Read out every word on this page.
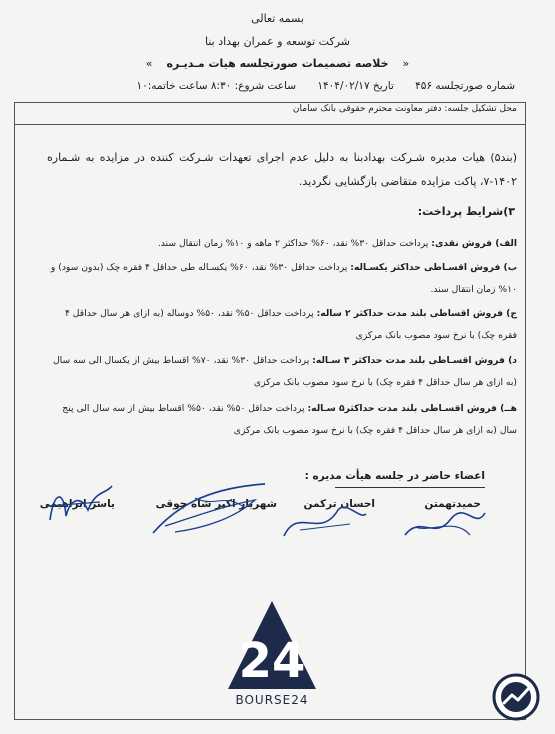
بسمه تعالی
شرکت توسعه و عمران بهداد بنا
«خلاصه تصمیمات صورتجلسه هیات مـدیـره»
شماره صورتجلسه ۴۵۶ تاریخ ۱۴۰۴/۰۲/۱۷ ساعت شروع: ۸:۳۰ ساعت خاتمه:۱۰
محل تشکیل جلسه: دفتر معاونت محترم حقوقی بانک سامان
(بند۵) هیات مدیره شـرکت بهدادبنا به دلیل عدم اجرای تعهدات شـرکت کننده در مزایده به شـماره ۱۴۰۲-۷، پاکت مزایده متقاضی بازگشایی نگردید.
۳)شرایط پرداخت:
الف) فروش نقدی: پرداخت حداقل ۳۰% نقد، ۶۰% حداکثر ۲ ماهه و ۱۰% زمان انتقال سند.
ب) فروش اقسـاطی حداکثر یکسـاله: پرداخت حداقل ۳۰% نقد، ۶۰% یکسـاله طی حداقل ۴ فقره چک (بدون سود) و ۱۰% زمان انتقال سند.
ج) فروش اقساطی بلند مدت حداکثر ۲ ساله: پرداخت حداقل ۵۰% نقد، ۵۰% دوساله (به ازای هر سال حداقل ۴ فقره چک) با نرخ سود مصوب بانک مرکزی
د) فروش اقسـاطی بلند مدت حداکثر ۳ سـاله: پرداخت حداقل ۳۰% نقد، ۷۰% اقساط بیش از یکسال الی سه سال (به ازای هر سال حداقل ۴ فقره چک) با نرخ سود مصوب بانک مرکزی
هــ) فروش اقسـاطی بلند مدت حداکثر۵ سـاله: پرداخت حداقل ۵۰% نقد، ۵۰% اقساط بیش از سه سال الی پنج سال (به ازای هر سال حداقل ۴ فقره چک) با نرخ سود مصوب بانک مرکزی
اعضاء حاضر در جلسه هیأت مدیره :
حمیدتهمتن
احسان ترکمن
شهریار اکبر شاه جوقی
یاسر ابراهیمی
24
BOURSE24
